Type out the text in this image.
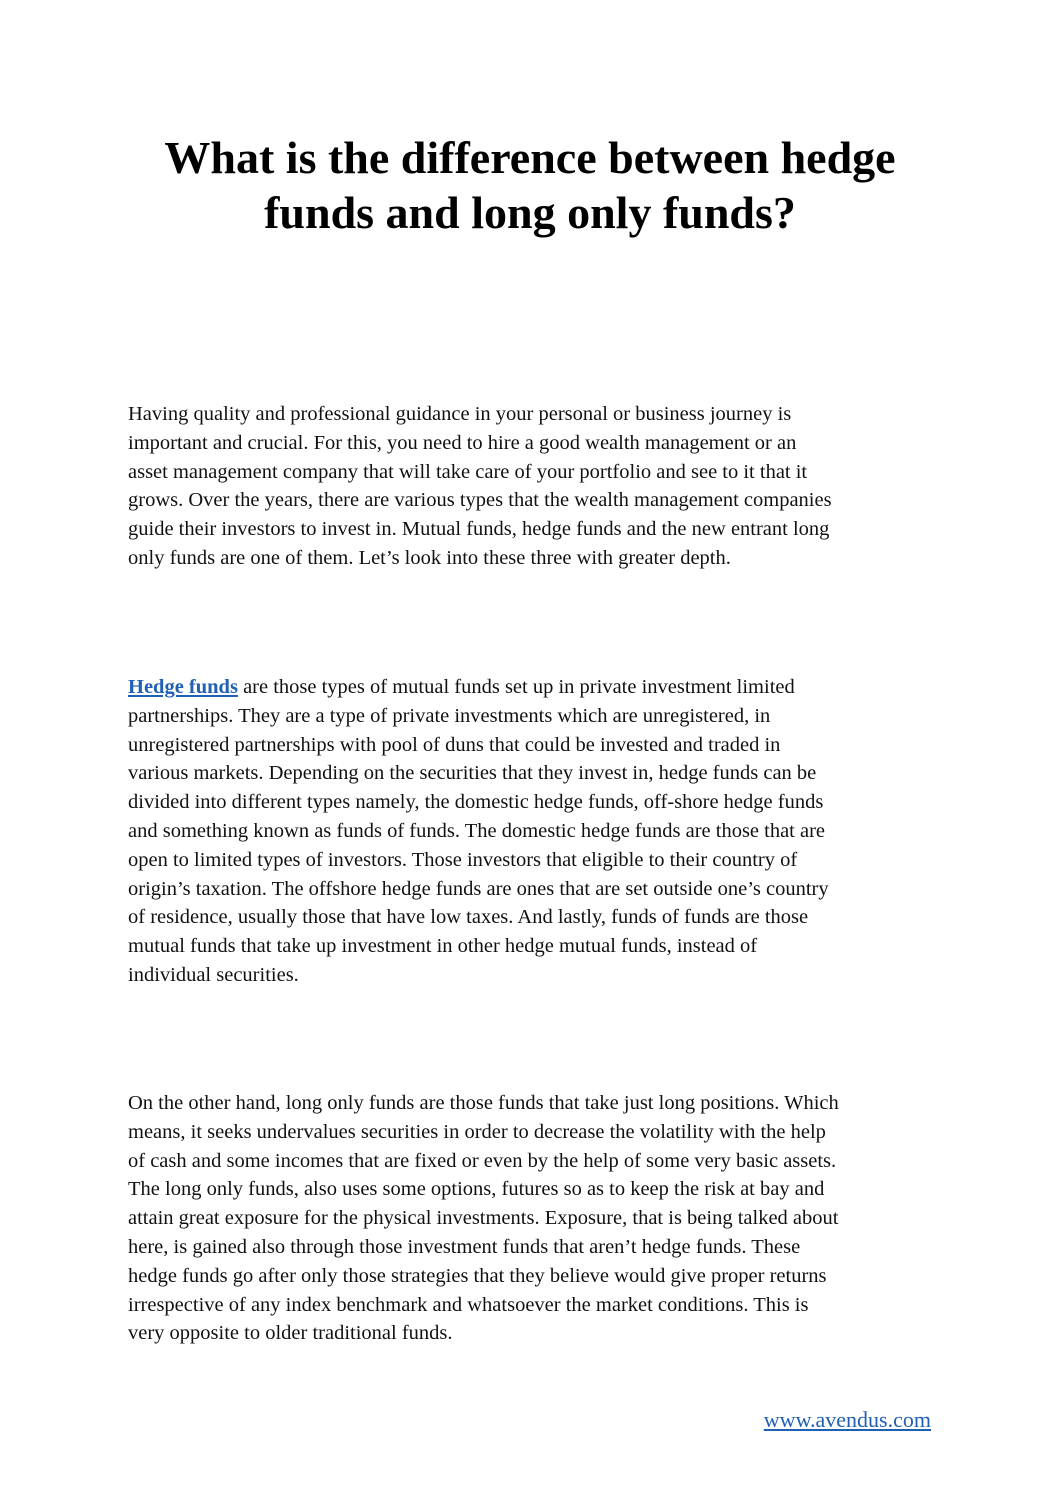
What is the difference between hedge
funds and long only funds?

Having quality and professional guidance in your personal or business journey is
important and crucial. For this, you need to hire a good wealth management or an
asset management company that will take care of your portfolio and see to it that it
grows. Over the years, there are various types that the wealth management companies
guide their investors to invest in. Mutual funds, hedge funds and the new entrant long
only funds are one of them. Let’s look into these three with greater depth.

Hedge funds are those types of mutual funds set up in private investment limited
partnerships. They are a type of private investments which are unregistered, in
unregistered partnerships with pool of duns that could be invested and traded in
various markets. Depending on the securities that they invest in, hedge funds can be
divided into different types namely, the domestic hedge funds, off-shore hedge funds
and something known as funds of funds. The domestic hedge funds are those that are
open to limited types of investors. Those investors that eligible to their country of
origin’s taxation. The offshore hedge funds are ones that are set outside one’s country
of residence, usually those that have low taxes. And lastly, funds of funds are those
mutual funds that take up investment in other hedge mutual funds, instead of
individual securities.

On the other hand, long only funds are those funds that take just long positions. Which
means, it seeks undervalues securities in order to decrease the volatility with the help
of cash and some incomes that are fixed or even by the help of some very basic assets.
The long only funds, also uses some options, futures so as to keep the risk at bay and
attain great exposure for the physical investments. Exposure, that is being talked about
here, is gained also through those investment funds that aren’t hedge funds. These
hedge funds go after only those strategies that they believe would give proper returns
irrespective of any index benchmark and whatsoever the market conditions. This is
very opposite to older traditional funds.

www.avendus.com
